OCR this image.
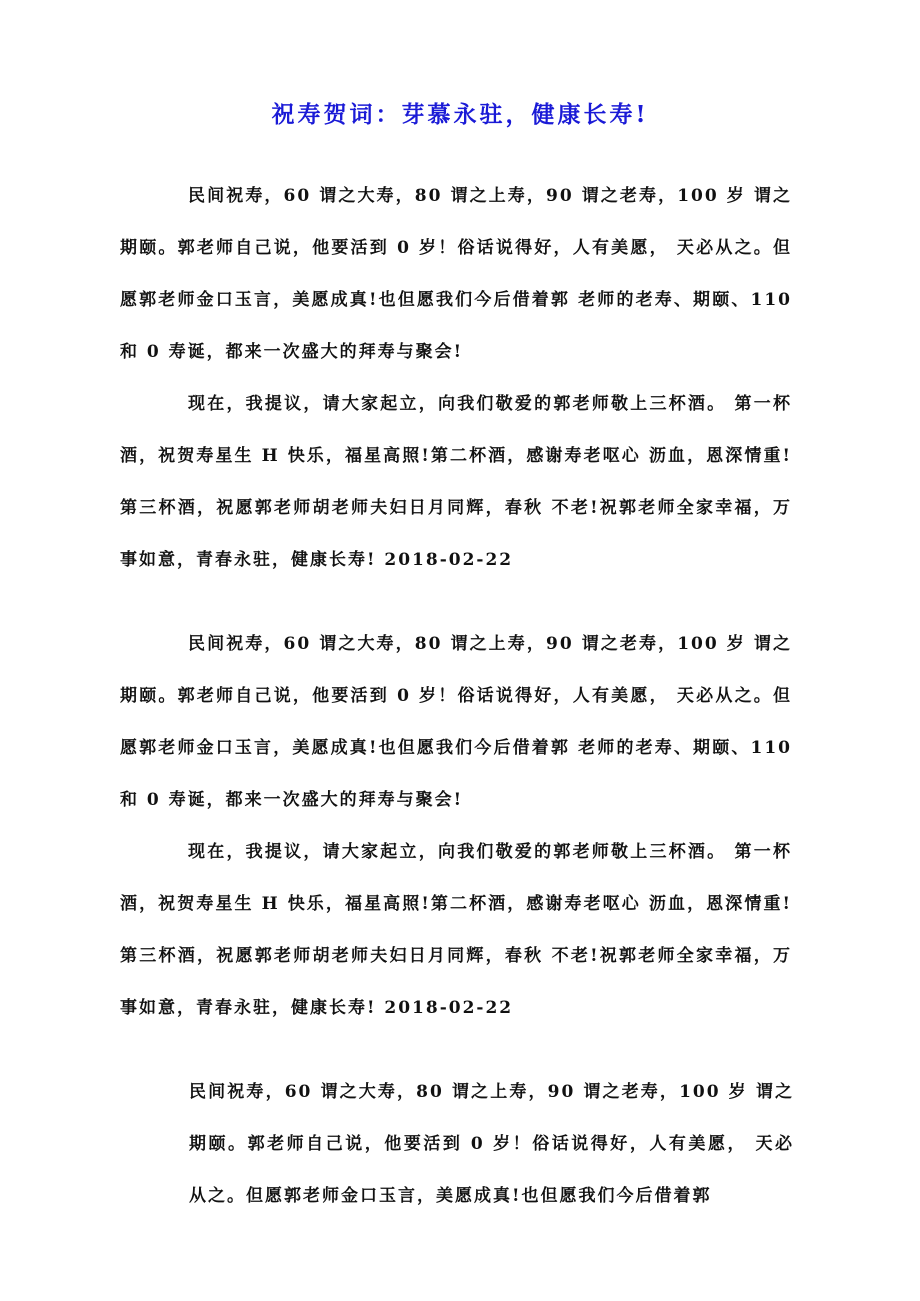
祝寿贺词：芽慕永驻，健康长寿!

民间祝寿，60 谓之大寿，80 谓之上寿，90 谓之老寿，100 岁 谓之期颐。郭老师自己说，他要活到 0 岁！俗话说得好，人有美愿， 天必从之。但愿郭老师金口玉言，美愿成真!也但愿我们今后借着郭 老师的老寿、期颐、110 和 0 寿诞，都来一次盛大的拜寿与聚会!

现在，我提议，请大家起立，向我们敬爱的郭老师敬上三杯酒。 第一杯酒，祝贺寿星生 H 快乐，福星高照!第二杯酒，感谢寿老呕心 沥血，恩深情重!第三杯酒，祝愿郭老师胡老师夫妇日月同辉，春秋 不老!祝郭老师全家幸福，万事如意，青春永驻，健康长寿! 2018-02-22

民间祝寿，60 谓之大寿，80 谓之上寿，90 谓之老寿，100 岁 谓之期颐。郭老师自己说，他要活到 0 岁！俗话说得好，人有美愿， 天必从之。但愿郭老师金口玉言，美愿成真!也但愿我们今后借着郭 老师的老寿、期颐、110 和 0 寿诞，都来一次盛大的拜寿与聚会!

现在，我提议，请大家起立，向我们敬爱的郭老师敬上三杯酒。 第一杯酒，祝贺寿星生 H 快乐，福星高照!第二杯酒，感谢寿老呕心 沥血，恩深情重!第三杯酒，祝愿郭老师胡老师夫妇日月同辉，春秋 不老!祝郭老师全家幸福，万事如意，青春永驻，健康长寿! 2018-02-22

民间祝寿，60 谓之大寿，80 谓之上寿，90 谓之老寿，100 岁 谓之期颐。郭老师自己说，他要活到 0 岁！俗话说得好，人有美愿， 天必从之。但愿郭老师金口玉言，美愿成真!也但愿我们今后借着郭
